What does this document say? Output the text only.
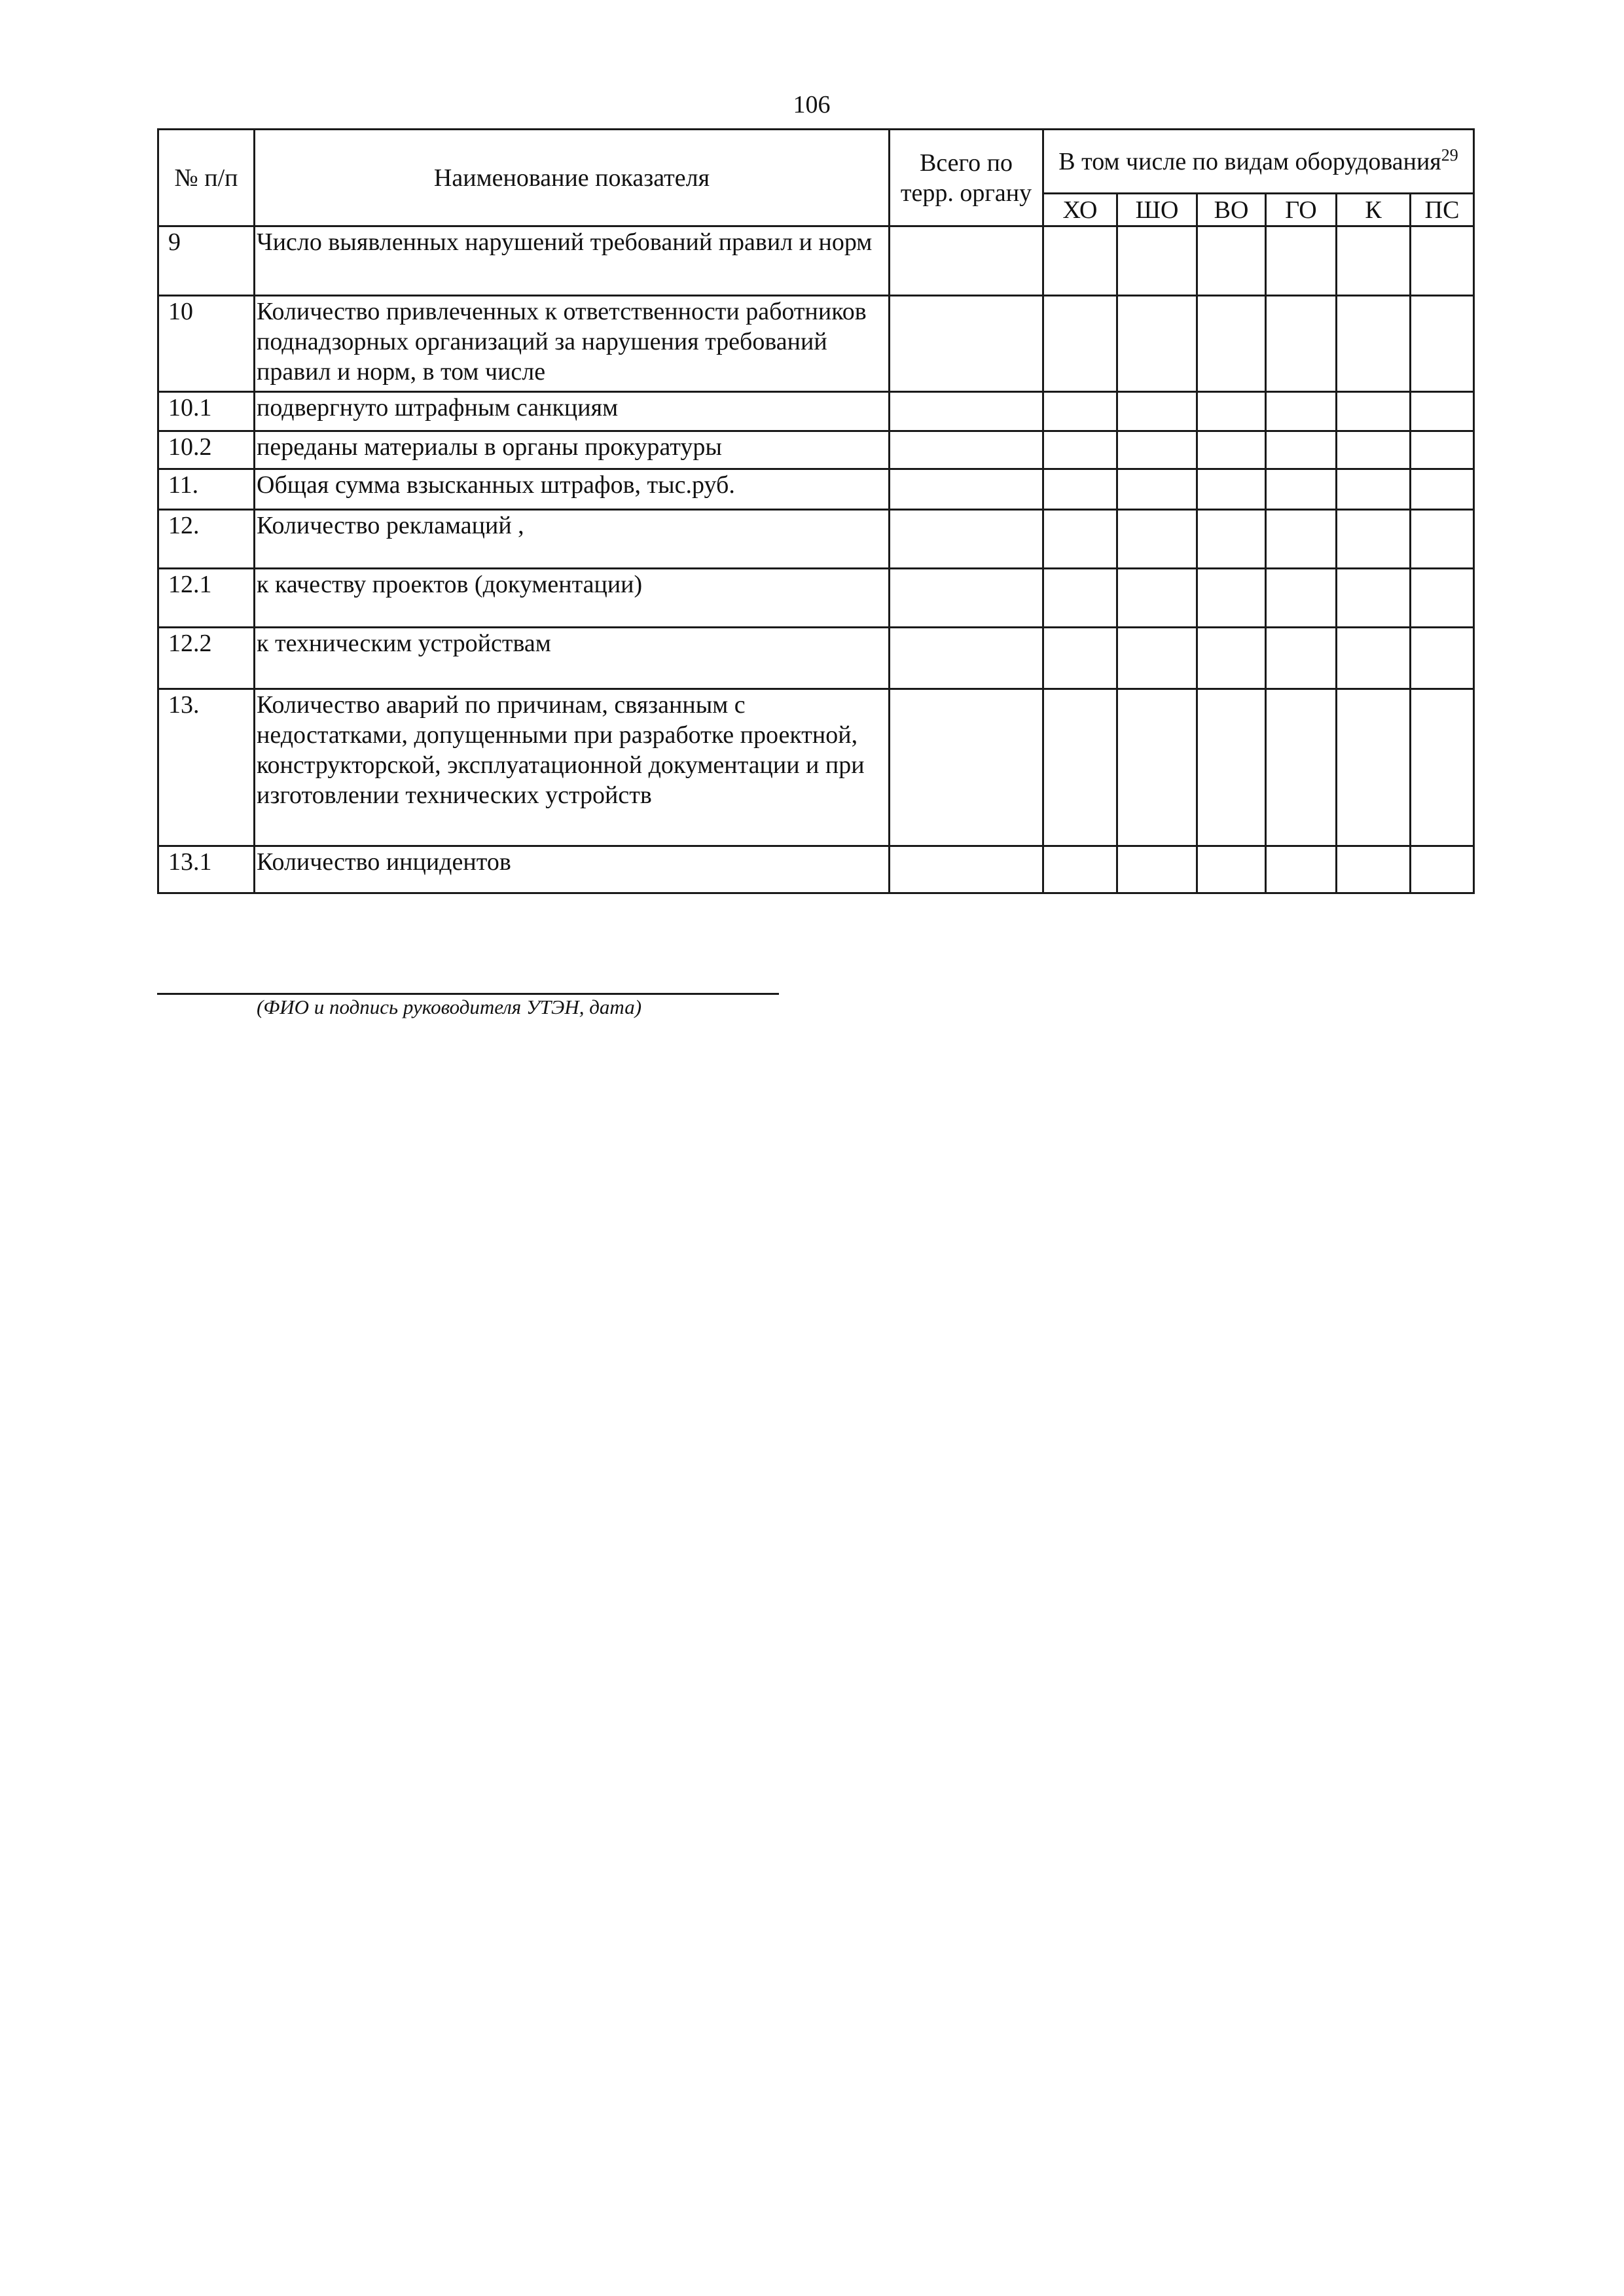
106
№ п/п	Наименование показателя	Всего по терр. органу	В том числе по видам оборудования$^{29}$
			ХО	ШО	ВО	ГО	К	ПС
9	Число выявленных нарушений требований правил и норм							
10	Количество привлеченных к ответственности работников поднадзорных организаций за нарушения требований правил и норм, в том числе							
10.1	подвергнуто штрафным санкциям							
10.2	переданы материалы в органы прокуратуры							
11.	Общая сумма взысканных штрафов, тыс.руб.							
12.	Количество рекламаций ,							
12.1	к качеству проектов (документации)							
12.2	к техническим устройствам							
13.	Количество аварий по причинам, связанным с недостатками, допущенными при разработке проектной, конструкторской, эксплуатационной документации и при изготовлении технических устройств							
13.1	Количество инцидентов							
(ФИО и подпись руководителя УТЭН, дата)
